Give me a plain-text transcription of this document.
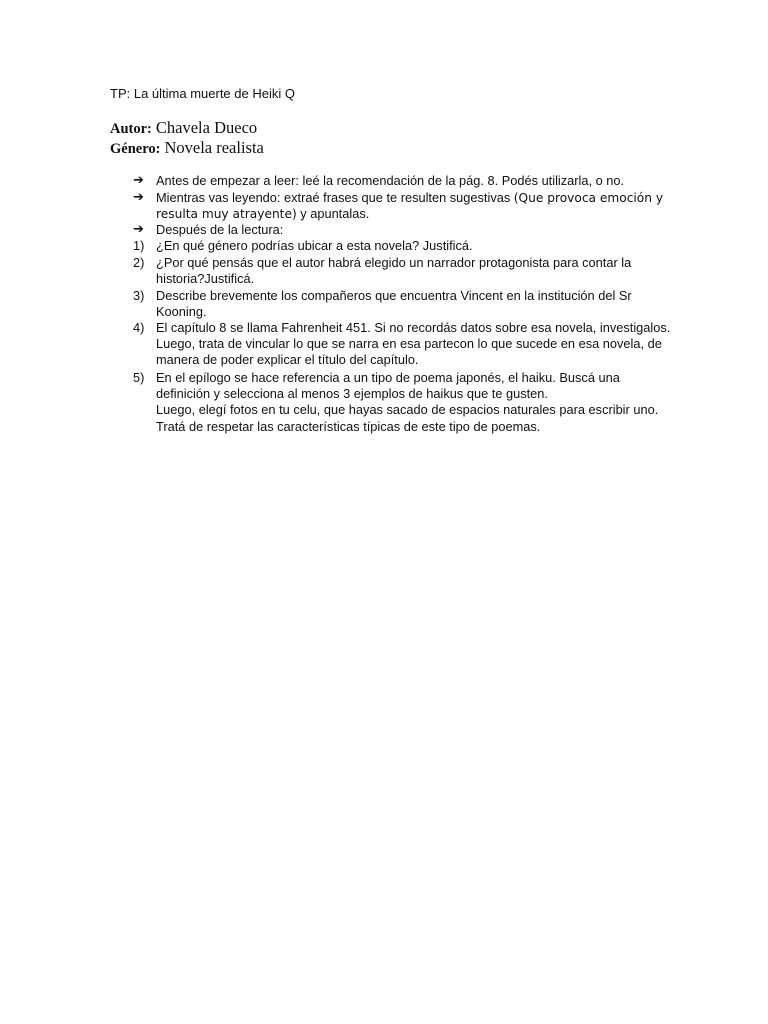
TP: La última muerte de Heiki Q
Autor: Chavela Dueco
Género: Novela realista
➔ Antes de empezar a leer: leé la recomendación de la pág. 8. Podés utilizarla, o no.
➔ Mientras vas leyendo: extraé frases que te resulten sugestivas (Que provoca emoción y resulta muy atrayente) y apuntalas.
➔ Después de la lectura:
1) ¿En qué género podrías ubicar a esta novela? Justificá.
2) ¿Por qué pensás que el autor habrá elegido un narrador protagonista para contar la historia?Justificá.
3) Describe brevemente los compañeros que encuentra Vincent en la institución del Sr Kooning.
4) El capítulo 8 se llama Fahrenheit 451. Si no recordás datos sobre esa novela, investigalos. Luego, trata de vincular lo que se narra en esa partecon lo que sucede en esa novela, de manera de poder explicar el título del capítulo.
5) En el epílogo se hace referencia a un tipo de poema japonés, el haiku. Buscá una definición y selecciona al menos 3 ejemplos de haikus que te gusten.
Luego, elegí fotos en tu celu, que hayas sacado de espacios naturales para escribir uno. Tratá de respetar las características típicas de este tipo de poemas.
